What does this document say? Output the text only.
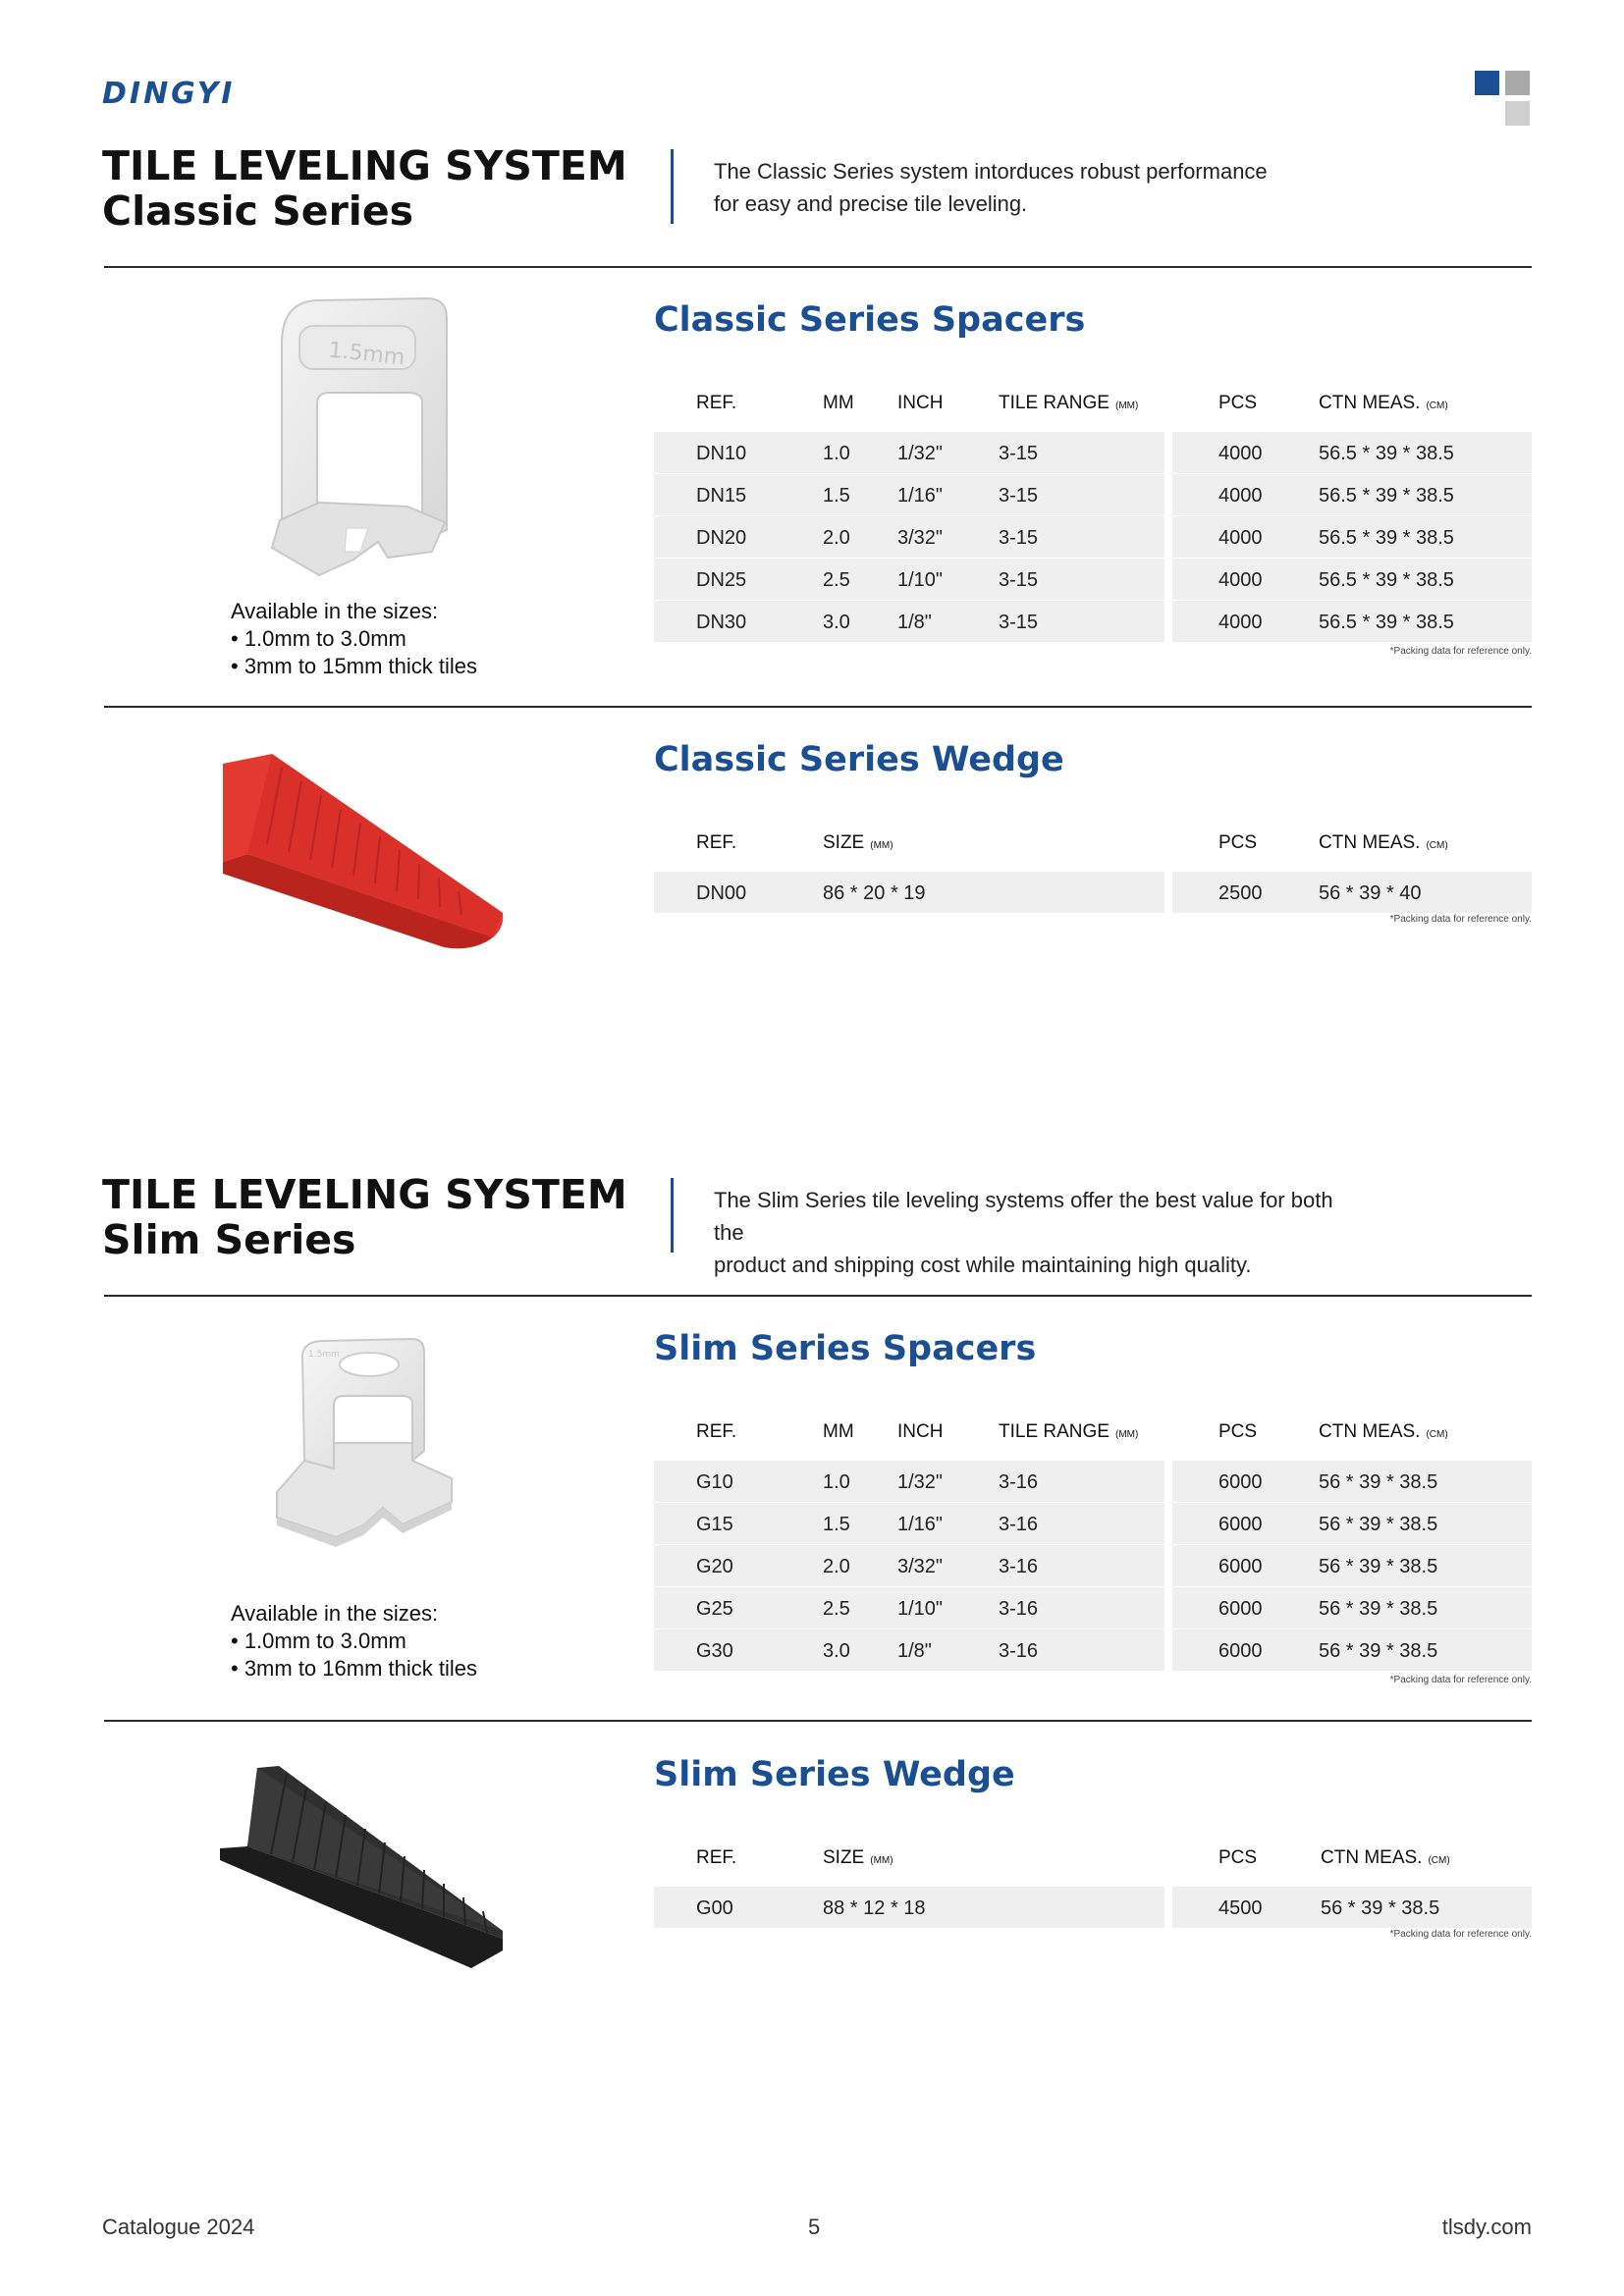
DINGYI
TILE LEVELING SYSTEM
Classic Series
The Classic Series system intorduces robust performance
for easy and precise tile leveling.
1.5mm
Available in the sizes:
• 1.0mm to 3.0mm
• 3mm to 15mm thick tiles
Classic Series Spacers
REF.	MM INCH	TILE RANGE (MM)	PCS	CTN MEAS. (CM)
DN10	1.0 1/32"	3-15	4000	56.5 * 39 * 38.5
DN15	1.5 1/16"	3-15	4000	56.5 * 39 * 38.5
DN20	2.0 3/32"	3-15	4000	56.5 * 39 * 38.5
DN25	2.5 1/10"	3-15	4000	56.5 * 39 * 38.5
DN30	3.0 1/8"	3-15	4000	56.5 * 39 * 38.5
*Packing data for reference only.
Classic Series Wedge
REF.	SIZE (MM)	PCS	CTN MEAS. (CM)
DN00	86 * 20 * 19	2500	56 * 39 * 40
*Packing data for reference only.
TILE LEVELING SYSTEM
Slim Series
The Slim Series tile leveling systems offer the best value for both the
product and shipping cost while maintaining high quality.
1.5mm
Available in the sizes:
• 1.0mm to 3.0mm
• 3mm to 16mm thick tiles
Slim Series Spacers
REF.	MM INCH	TILE RANGE (MM)	PCS	CTN MEAS. (CM)
G10	1.0 1/32"	3-16	6000	56 * 39 * 38.5
G15	1.5 1/16"	3-16	6000	56 * 39 * 38.5
G20	2.0 3/32"	3-16	6000	56 * 39 * 38.5
G25	2.5 1/10"	3-16	6000	56 * 39 * 38.5
G30	3.0 1/8"	3-16	6000	56 * 39 * 38.5
*Packing data for reference only.
Slim Series Wedge
REF.	SIZE (MM)	PCS	CTN MEAS. (CM)
G00	88 * 12 * 18	4500	56 * 39 * 38.5
*Packing data for reference only.
Catalogue 2024	5	tlsdy.com
